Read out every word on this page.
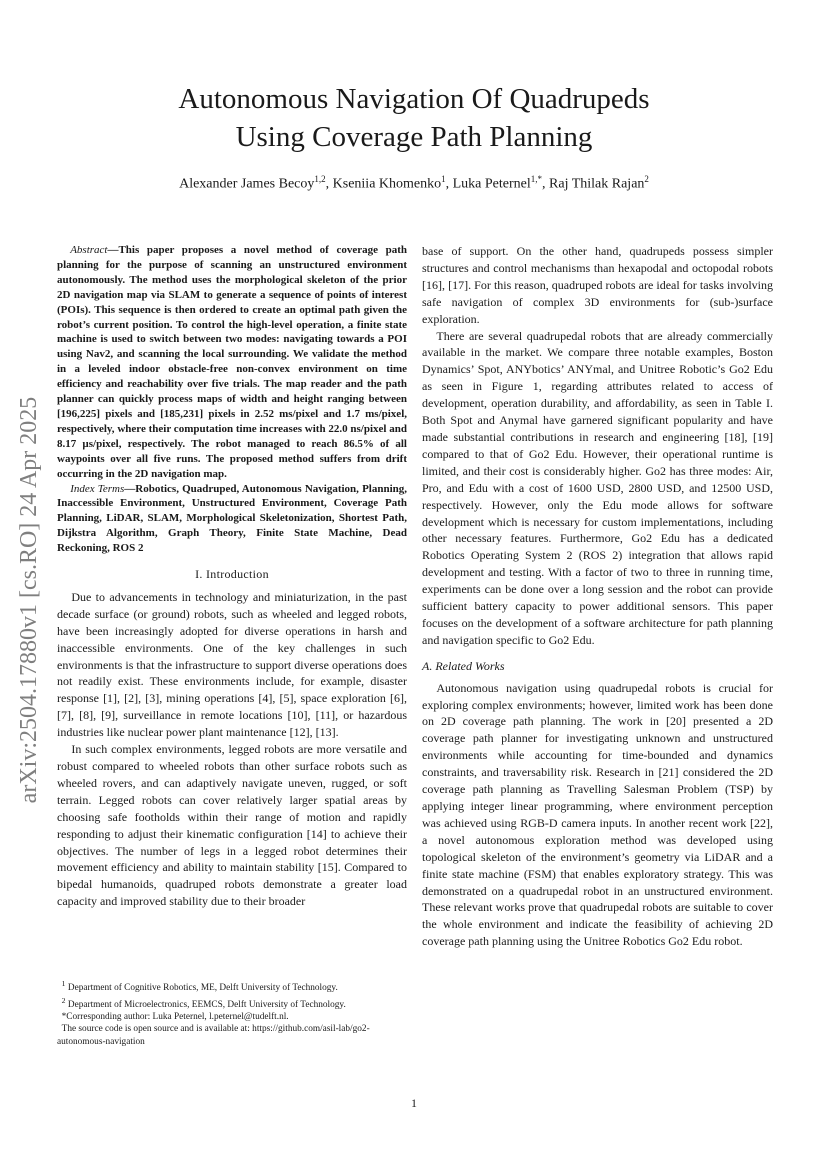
Autonomous Navigation Of Quadrupeds
Using Coverage Path Planning
Alexander James Becoy$^{1,2}$, Kseniia Khomenko$^1$, Luka Peternel$^{1,*}$, Raj Thilak Rajan$^2$
arXiv:2504.17880v1 [cs.RO] 24 Apr 2025

Abstract—This paper proposes a novel method of coverage path planning for the purpose of scanning an unstructured environment autonomously. The method uses the morphological skeleton of the prior 2D navigation map via SLAM to generate a sequence of points of interest (POIs). This sequence is then ordered to create an optimal path given the robot’s current position. To control the high-level operation, a finite state machine is used to switch between two modes: navigating towards a POI using Nav2, and scanning the local surrounding. We validate the method in a leveled indoor obstacle-free non-convex environment on time efficiency and reachability over five trials. The map reader and the path planner can quickly process maps of width and height ranging between [196,225] pixels and [185,231] pixels in 2.52 ms/pixel and 1.7 ms/pixel, respectively, where their computation time increases with 22.0 ns/pixel and 8.17 µs/pixel, respectively. The robot managed to reach 86.5% of all waypoints over all five runs. The proposed method suffers from drift occurring in the 2D navigation map.

Index Terms—Robotics, Quadruped, Autonomous Navigation, Planning, Inaccessible Environment, Unstructured Environment, Coverage Path Planning, LiDAR, SLAM, Morphological Skeletonization, Shortest Path, Dijkstra Algorithm, Graph Theory, Finite State Machine, Dead Reckoning, ROS 2

I. Introduction

Due to advancements in technology and miniaturization, in the past decade surface (or ground) robots, such as wheeled and legged robots, have been increasingly adopted for diverse operations in harsh and inaccessible environments. One of the key challenges in such environments is that the infrastructure to support diverse operations does not readily exist. These environments include, for example, disaster response [1], [2], [3], mining operations [4], [5], space exploration [6], [7], [8], [9], surveillance in remote locations [10], [11], or hazardous industries like nuclear power plant maintenance [12], [13].

In such complex environments, legged robots are more versatile and robust compared to wheeled robots than other surface robots such as wheeled rovers, and can adaptively navigate uneven, rugged, or soft terrain. Legged robots can cover relatively larger spatial areas by choosing safe footholds within their range of motion and rapidly responding to adjust their kinematic configuration [14] to achieve their objectives. The number of legs in a legged robot determines their movement efficiency and ability to maintain stability [15]. Compared to bipedal humanoids, quadruped robots demonstrate a greater load capacity and improved stability due to their broader

base of support. On the other hand, quadrupeds possess simpler structures and control mechanisms than hexapodal and octopodal robots [16], [17]. For this reason, quadruped robots are ideal for tasks involving safe navigation of complex 3D environments for (sub-)surface exploration.

There are several quadrupedal robots that are already commercially available in the market. We compare three notable examples, Boston Dynamics’ Spot, ANYbotics’ ANYmal, and Unitree Robotic’s Go2 Edu as seen in Figure 1, regarding attributes related to access of development, operation durability, and affordability, as seen in Table I. Both Spot and Anymal have garnered significant popularity and have made substantial contributions in research and engineering [18], [19] compared to that of Go2 Edu. However, their operational runtime is limited, and their cost is considerably higher. Go2 has three modes: Air, Pro, and Edu with a cost of 1600 USD, 2800 USD, and 12500 USD, respectively. However, only the Edu mode allows for software development which is necessary for custom implementations, including other necessary features. Furthermore, Go2 Edu has a dedicated Robotics Operating System 2 (ROS 2) integration that allows rapid development and testing. With a factor of two to three in running time, experiments can be done over a long session and the robot can provide sufficient battery capacity to power additional sensors. This paper focuses on the development of a software architecture for path planning and navigation specific to Go2 Edu.

A. Related Works

Autonomous navigation using quadrupedal robots is crucial for exploring complex environments; however, limited work has been done on 2D coverage path planning. The work in [20] presented a 2D coverage path planner for investigating unknown and unstructured environments while accounting for time-bounded and dynamics constraints, and traversability risk. Research in [21] considered the 2D coverage path planning as Travelling Salesman Problem (TSP) by applying integer linear programming, where environment perception was achieved using RGB-D camera inputs. In another recent work [22], a novel autonomous exploration method was developed using topological skeleton of the environment’s geometry via LiDAR and a finite state machine (FSM) that enables exploratory strategy. This was demonstrated on a quadrupedal robot in an unstructured environment. These relevant works prove that quadrupedal robots are suitable to cover the whole environment and indicate the feasibility of achieving 2D coverage path planning using the Unitree Robotics Go2 Edu robot.

$^1$ Department of Cognitive Robotics, ME, Delft University of Technology.
$^2$ Department of Microelectronics, EEMCS, Delft University of Technology.
*Corresponding author: Luka Peternel, l.peternel@tudelft.nl.
The source code is open source and is available at: https://github.com/asil-lab/go2-autonomous-navigation
1
